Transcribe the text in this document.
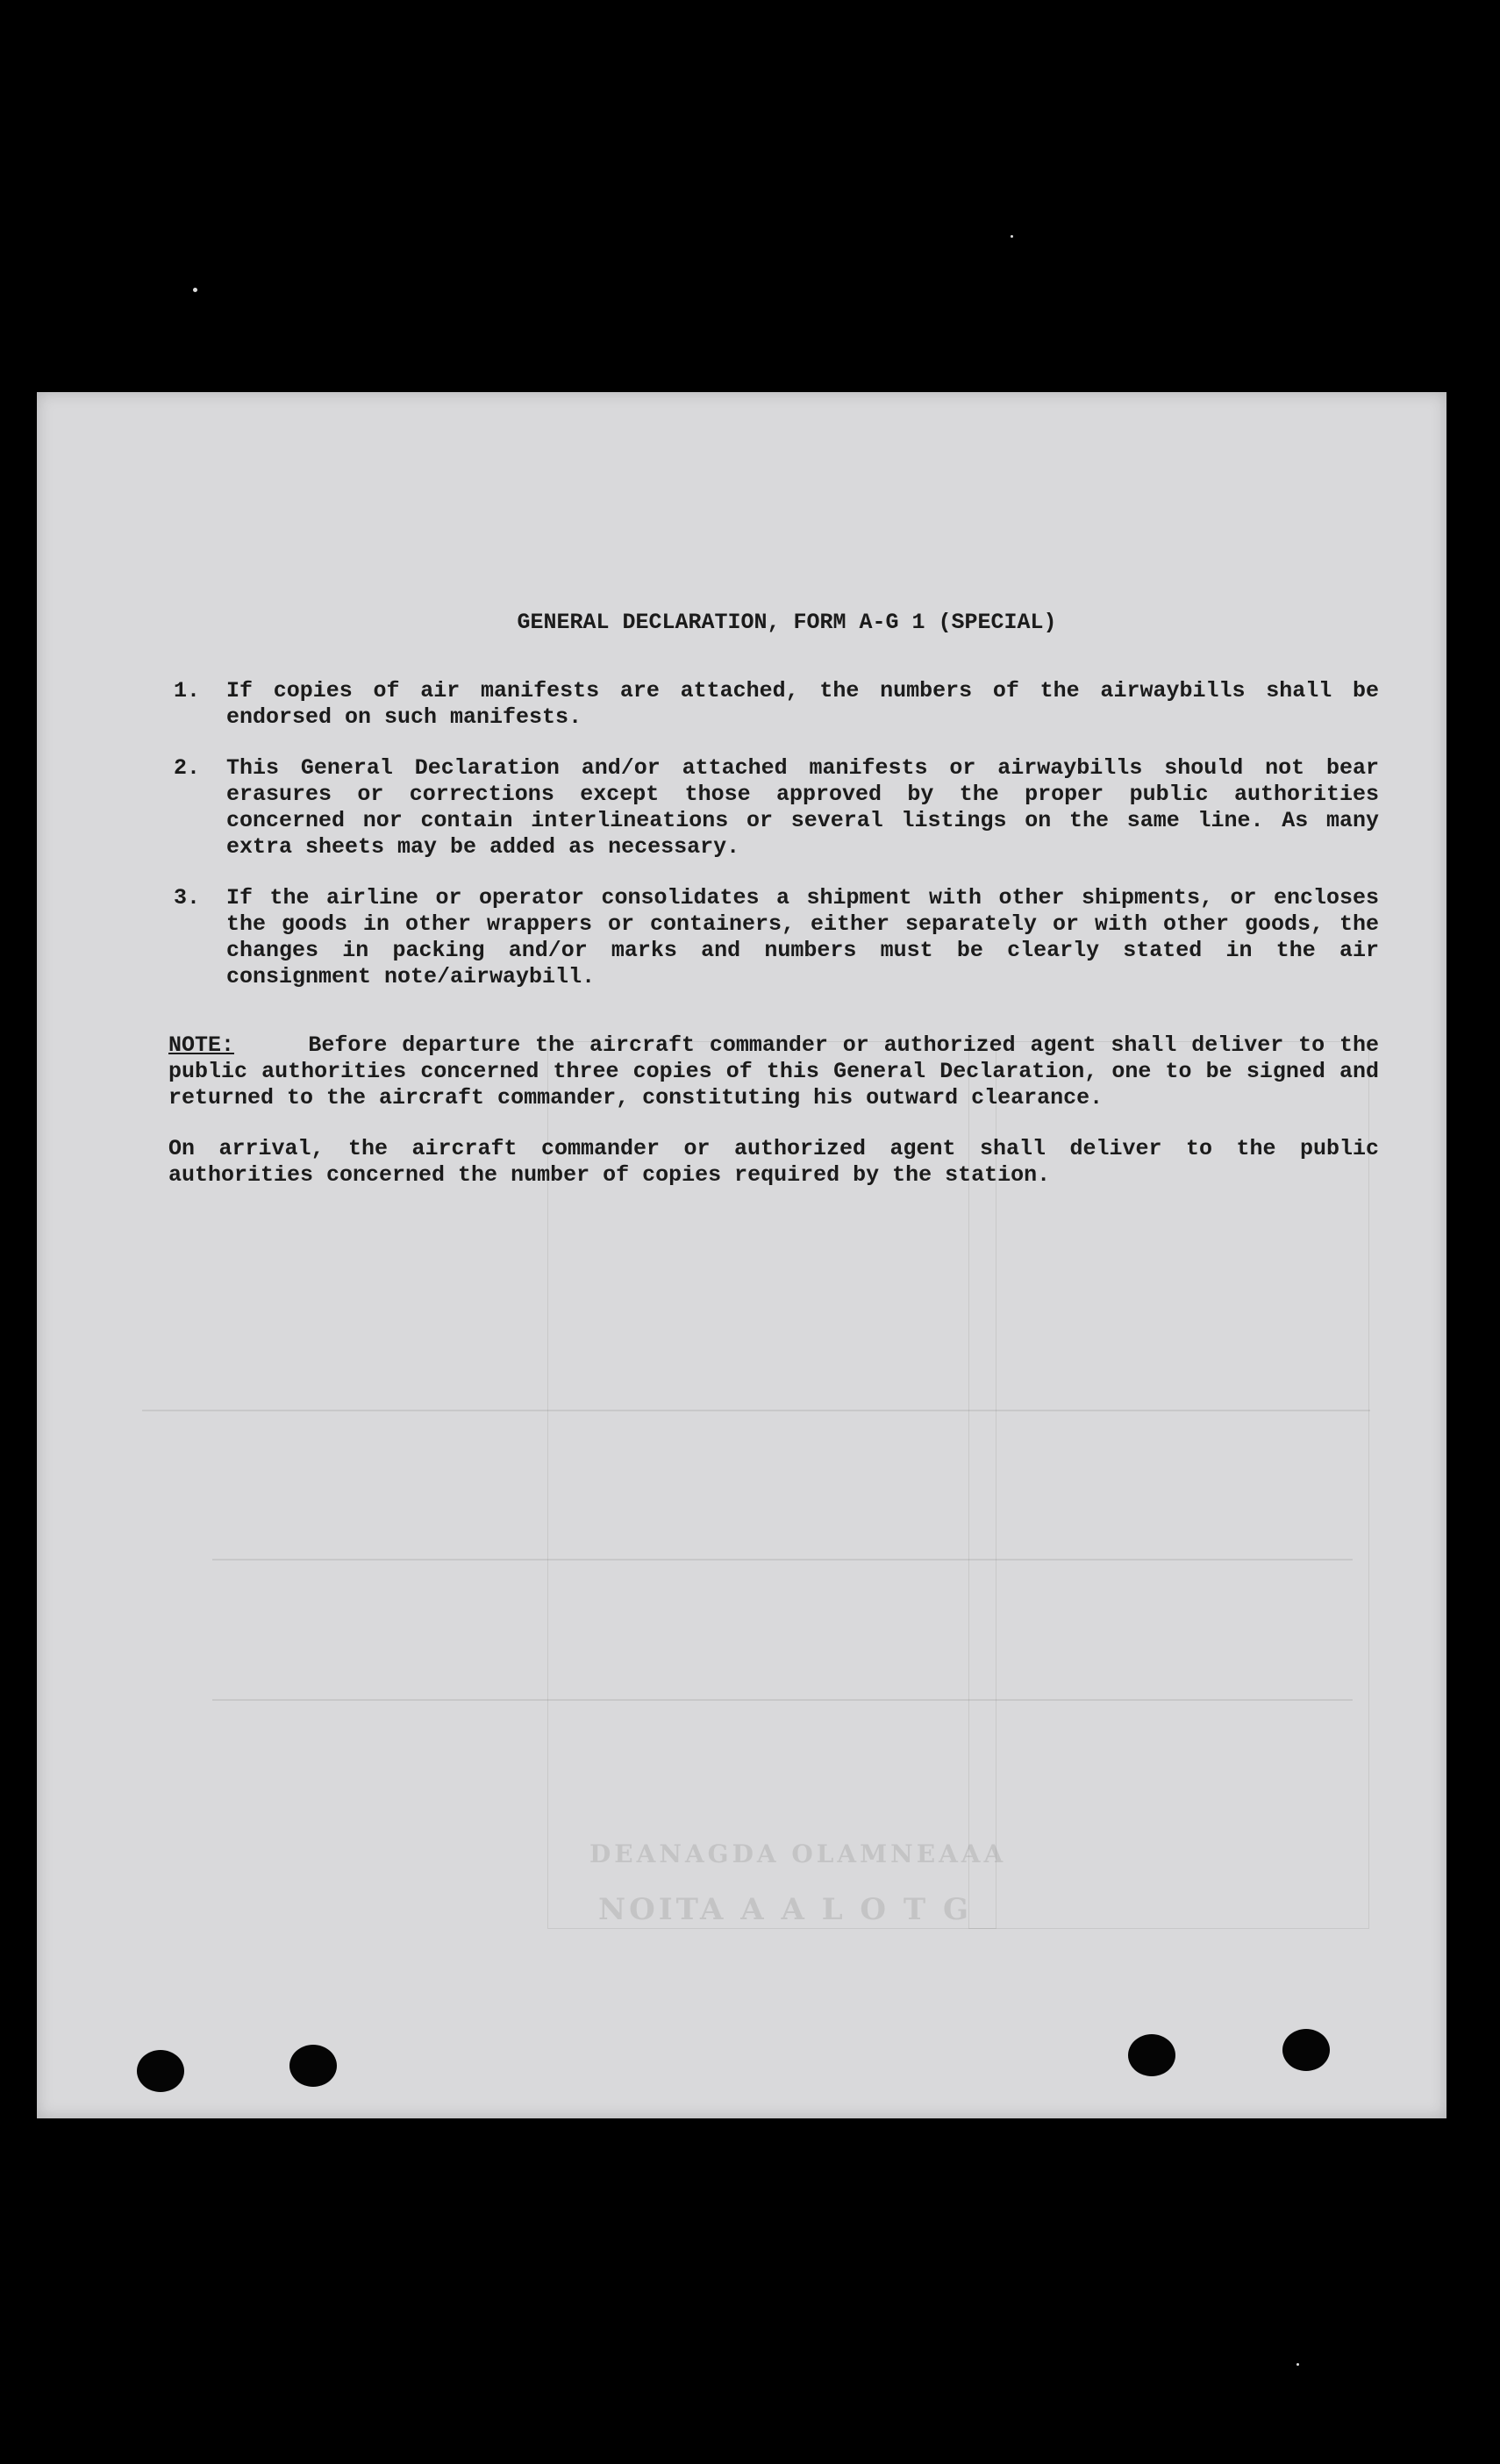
NOITA A A L O T G
DEANAGDA OLAMNEAAA
GENERAL DECLARATION, FORM A-G 1 (SPECIAL)
1.	If copies of air manifests are attached, the numbers of the airwaybills shall be endorsed on such manifests.
2.	This General Declaration and/or attached manifests or airwaybills should not bear erasures or corrections except those approved by the proper public authorities concerned nor contain interlineations or several listings on the same line. As many extra sheets may be added as necessary.
3.	If the airline or operator consolidates a shipment with other shipments, or encloses the goods in other wrappers or containers, either separately or with other goods, the changes in packing and/or marks and numbers must be clearly stated in the air consignment note/airwaybill.
NOTE:	Before departure the aircraft commander or authorized agent shall deliver to the public authorities concerned three copies of this General Declaration, one to be signed and returned to the aircraft commander, constituting his outward clearance.
On arrival, the aircraft commander or authorized agent shall deliver to the public authorities concerned the number of copies required by the station.
